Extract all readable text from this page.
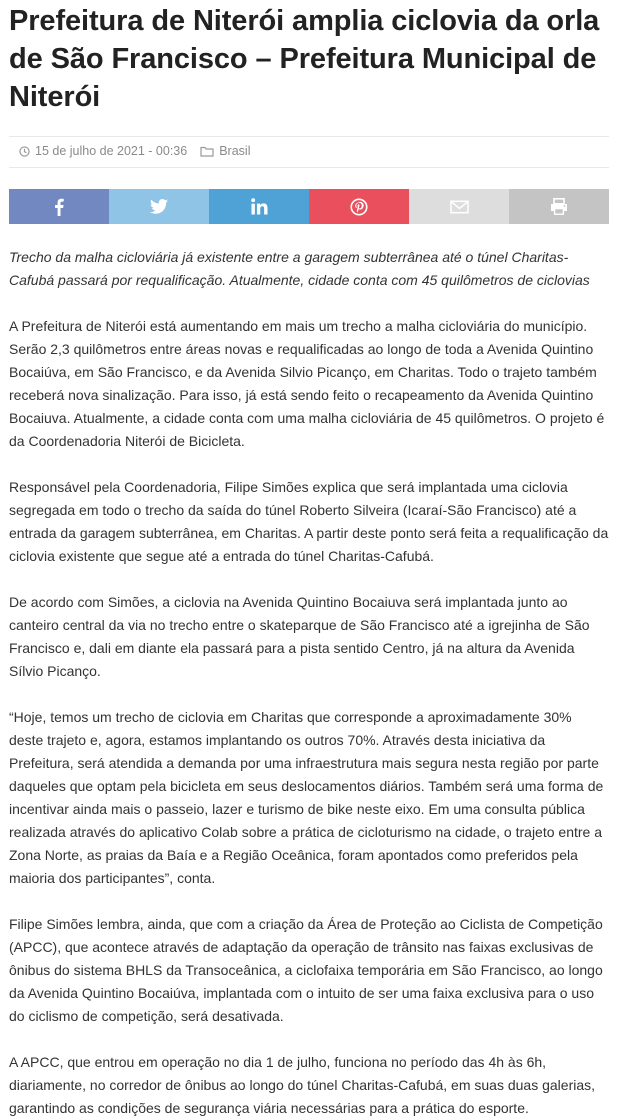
Prefeitura de Niterói amplia ciclovia da orla de São Francisco – Prefeitura Municipal de Niterói
15 de julho de 2021 - 00:36	Brasil

Trecho da malha cicloviária já existente entre a garagem subterrânea até o túnel Charitas-Cafubá passará por requalificação. Atualmente, cidade conta com 45 quilômetros de ciclovias

A Prefeitura de Niterói está aumentando em mais um trecho a malha cicloviária do município. Serão 2,3 quilômetros entre áreas novas e requalificadas ao longo de toda a Avenida Quintino Bocaiúva, em São Francisco, e da Avenida Silvio Picanço, em Charitas. Todo o trajeto também receberá nova sinalização. Para isso, já está sendo feito o recapeamento da Avenida Quintino Bocaiuva. Atualmente, a cidade conta com uma malha cicloviária de 45 quilômetros. O projeto é da Coordenadoria Niterói de Bicicleta.

Responsável pela Coordenadoria, Filipe Simões explica que será implantada uma ciclovia segregada em todo o trecho da saída do túnel Roberto Silveira (Icaraí-São Francisco) até a entrada da garagem subterrânea, em Charitas. A partir deste ponto será feita a requalificação da ciclovia existente que segue até a entrada do túnel Charitas-Cafubá.

De acordo com Simões, a ciclovia na Avenida Quintino Bocaiuva será implantada junto ao canteiro central da via no trecho entre o skateparque de São Francisco até a igrejinha de São Francisco e, dali em diante ela passará para a pista sentido Centro, já na altura da Avenida Sílvio Picanço.

“Hoje, temos um trecho de ciclovia em Charitas que corresponde a aproximadamente 30% deste trajeto e, agora, estamos implantando os outros 70%. Através desta iniciativa da Prefeitura, será atendida a demanda por uma infraestrutura mais segura nesta região por parte daqueles que optam pela bicicleta em seus deslocamentos diários. Também será uma forma de incentivar ainda mais o passeio, lazer e turismo de bike neste eixo. Em uma consulta pública realizada através do aplicativo Colab sobre a prática de cicloturismo na cidade, o trajeto entre a Zona Norte, as praias da Baía e a Região Oceânica, foram apontados como preferidos pela maioria dos participantes”, conta.

Filipe Simões lembra, ainda, que com a criação da Área de Proteção ao Ciclista de Competição (APCC), que acontece através de adaptação da operação de trânsito nas faixas exclusivas de ônibus do sistema BHLS da Transoceânica, a ciclofaixa temporária em São Francisco, ao longo da Avenida Quintino Bocaiúva, implantada com o intuito de ser uma faixa exclusiva para o uso do ciclismo de competição, será desativada.

A APCC, que entrou em operação no dia 1 de julho, funciona no período das 4h às 6h, diariamente, no corredor de ônibus ao longo do túnel Charitas-Cafubá, em suas duas galerias, garantindo as condições de segurança viária necessárias para a prática do esporte.
